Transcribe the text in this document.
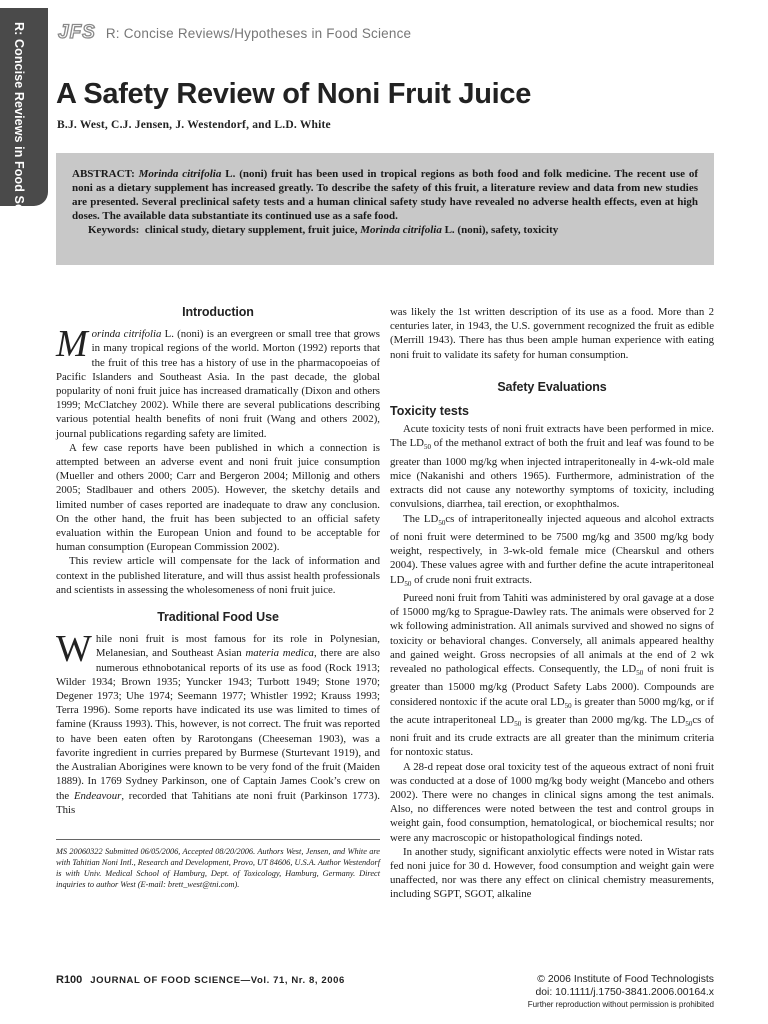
R: Concise Reviews in Food Science JFS R: Concise Reviews/Hypotheses in Food Science
A Safety Review of Noni Fruit Juice
B.J. West, C.J. Jensen, J. Westendorf, and L.D. White
ABSTRACT: Morinda citrifolia L. (noni) fruit has been used in tropical regions as both food and folk medicine. The recent use of noni as a dietary supplement has increased greatly. To describe the safety of this fruit, a literature review and data from new studies are presented. Several preclinical safety tests and a human clinical safety study have revealed no adverse health effects, even at high doses. The available data substantiate its continued use as a safe food.
Keywords: clinical study, dietary supplement, fruit juice, Morinda citrifolia L. (noni), safety, toxicity
Introduction

Morinda citrifolia L. (noni) is an evergreen or small tree that grows in many tropical regions of the world. Morton (1992) reports that the fruit of this tree has a history of use in the pharmacopoeias of Pacific Islanders and Southeast Asia. In the past decade, the global popularity of noni fruit juice has increased dramatically (Dixon and others 1999; McClatchey 2002). While there are several publications describing various potential health benefits of noni fruit (Wang and others 2002), journal publications regarding safety are limited.

A few case reports have been published in which a connection is attempted between an adverse event and noni fruit juice consumption (Mueller and others 2000; Carr and Bergeron 2004; Millonig and others 2005; Stadlbauer and others 2005). However, the sketchy details and limited number of cases reported are inadequate to draw any conclusion. On the other hand, the fruit has been subjected to an official safety evaluation within the European Union and found to be acceptable for human consumption (European Commission 2002).

This review article will compensate for the lack of information and context in the published literature, and will thus assist health professionals and scientists in assessing the wholesomeness of noni fruit juice.

Traditional Food Use

While noni fruit is most famous for its role in Polynesian, Melanesian, and Southeast Asian materia medica, there are also numerous ethnobotanical reports of its use as food (Rock 1913; Wilder 1934; Brown 1935; Yuncker 1943; Turbott 1949; Stone 1970; Degener 1973; Uhe 1974; Seemann 1977; Whistler 1992; Krauss 1993; Terra 1996). Some reports have indicated its use was limited to times of famine (Krauss 1993). This, however, is not correct. The fruit was reported to have been eaten often by Rarotongans (Cheeseman 1903), was a favorite ingredient in curries prepared by Burmese (Sturtevant 1919), and the Australian Aborigines were known to be very fond of the fruit (Maiden 1889). In 1769 Sydney Parkinson, one of Captain James Cook’s crew on the Endeavour, recorded that Tahitians ate noni fruit (Parkinson 1773). This

MS 20060322 Submitted 06/05/2006, Accepted 08/20/2006. Authors West, Jensen, and White are with Tahitian Noni Intl., Research and Development, Provo, UT 84606, U.S.A. Author Westendorf is with Univ. Medical School of Hamburg, Dept. of Toxicology, Hamburg, Germany. Direct inquiries to author West (E-mail: brett_west@tni.com).

was likely the 1st written description of its use as a food. More than 2 centuries later, in 1943, the U.S. government recognized the fruit as edible (Merrill 1943). There has thus been ample human experience with eating noni fruit to validate its safety for human consumption.

Safety Evaluations
Toxicity tests

Acute toxicity tests of noni fruit extracts have been performed in mice. The $LD_{50}$ of the methanol extract of both the fruit and leaf was found to be greater than 1000 mg/kg when injected intraperitoneally in 4-wk-old male mice (Nakanishi and others 1965). Furthermore, administration of the extracts did not cause any noteworthy symptoms of toxicity, including convulsions, diarrhea, tail erection, or exophthalmos.

The $LD_{50}cs$ of intraperitoneally injected aqueous and alcohol extracts of noni fruit were determined to be 7500 mg/kg and 3500 mg/kg body weight, respectively, in 3-wk-old female mice (Chearskul and others 2004). These values agree with and further define the acute intraperitoneal $LD_{50}$ of crude noni fruit extracts.

Pureed noni fruit from Tahiti was administered by oral gavage at a dose of 15000 mg/kg to Sprague-Dawley rats. The animals were observed for 2 wk following administration. All animals survived and showed no signs of toxicity or behavioral changes. Conversely, all animals appeared healthy and gained weight. Gross necropsies of all animals at the end of 2 wk revealed no pathological effects. Consequently, the $LD_{50}$ of noni fruit is greater than 15000 mg/kg (Product Safety Labs 2000). Compounds are considered nontoxic if the acute oral $LD_{50}$ is greater than 5000 mg/kg, or if the acute intraperitoneal $LD_{50}$ is greater than 2000 mg/kg. The $LD_{50}cs$ of noni fruit and its crude extracts are all greater than the minimum criteria for nontoxic status.

A 28-d repeat dose oral toxicity test of the aqueous extract of noni fruit was conducted at a dose of 1000 mg/kg body weight (Mancebo and others 2002). There were no changes in clinical signs among the test animals. Also, no differences were noted between the test and control groups in weight gain, food consumption, hematological, or biochemical results; nor were any macroscopic or histopathological findings noted.

In another study, significant anxiolytic effects were noted in Wistar rats fed noni juice for 30 d. However, food consumption and weight gain were unaffected, nor was there any effect on clinical chemistry measurements, including SGPT, SGOT, alkaline

R100 JOURNAL OF FOOD SCIENCE—Vol. 71, Nr. 8, 2006	© 2006 Institute of Food Technologists
doi: 10.1111/j.1750-3841.2006.00164.x
Further reproduction without permission is prohibited
